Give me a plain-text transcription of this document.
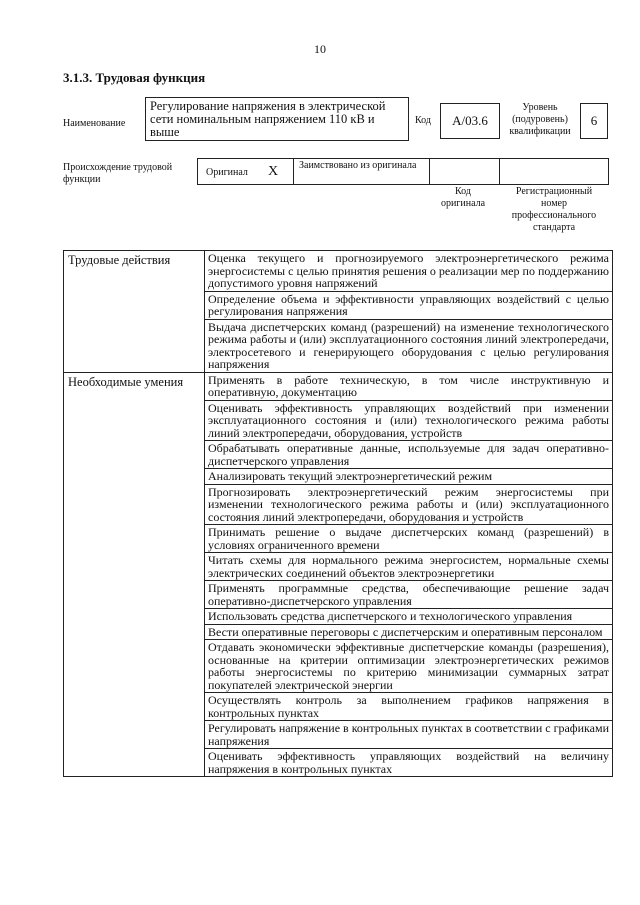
10
3.1.3. Трудовая функция
Наименование
Регулирование напряжения в электрической сети номинальным напряжением 110 кВ и выше
Код	А/03.6
Уровень (подуровень) квалификации
6
Происхождение трудовой функции
Оригинал X Заимствовано из оригинала
Код оригинала
Регистрационный номер профессионального стандарта
Трудовые действия	Оценка текущего и прогнозируемого электроэнергетического режима энергосистемы с целью принятия решения о реализации мер по поддержанию допустимого уровня напряжений
	Определение объема и эффективности управляющих воздействий с целью регулирования напряжения
	Выдача диспетчерских команд (разрешений) на изменение технологического режима работы и (или) эксплуатационного состояния линий электропередачи, электросетевого и генерирующего оборудования с целью регулирования напряжения
Необходимые умения	Применять в работе техническую, в том числе инструктивную и оперативную, документацию
	Оценивать эффективность управляющих воздействий при изменении эксплуатационного состояния и (или) технологического режима работы линий электропередачи, оборудования, устройств
	Обрабатывать оперативные данные, используемые для задач оперативно-диспетчерского управления
	Анализировать текущий электроэнергетический режим
	Прогнозировать электроэнергетический режим энергосистемы при изменении технологического режима работы и (или) эксплуатационного состояния линий электропередачи, оборудования и устройств
	Принимать решение о выдаче диспетчерских команд (разрешений) в условиях ограниченного времени
	Читать схемы для нормального режима энергосистем, нормальные схемы электрических соединений объектов электроэнергетики
	Применять программные средства, обеспечивающие решение задач оперативно-диспетчерского управления
	Использовать средства диспетчерского и технологического управления
	Вести оперативные переговоры с диспетчерским и оперативным персоналом
	Отдавать экономически эффективные диспетчерские команды (разрешения), основанные на критерии оптимизации электроэнергетических режимов работы энергосистемы по критерию минимизации суммарных затрат покупателей электрической энергии
	Осуществлять контроль за выполнением графиков напряжения в контрольных пунктах
	Регулировать напряжение в контрольных пунктах в соответствии с графиками напряжения
	Оценивать эффективность управляющих воздействий на величину напряжения в контрольных пунктах
